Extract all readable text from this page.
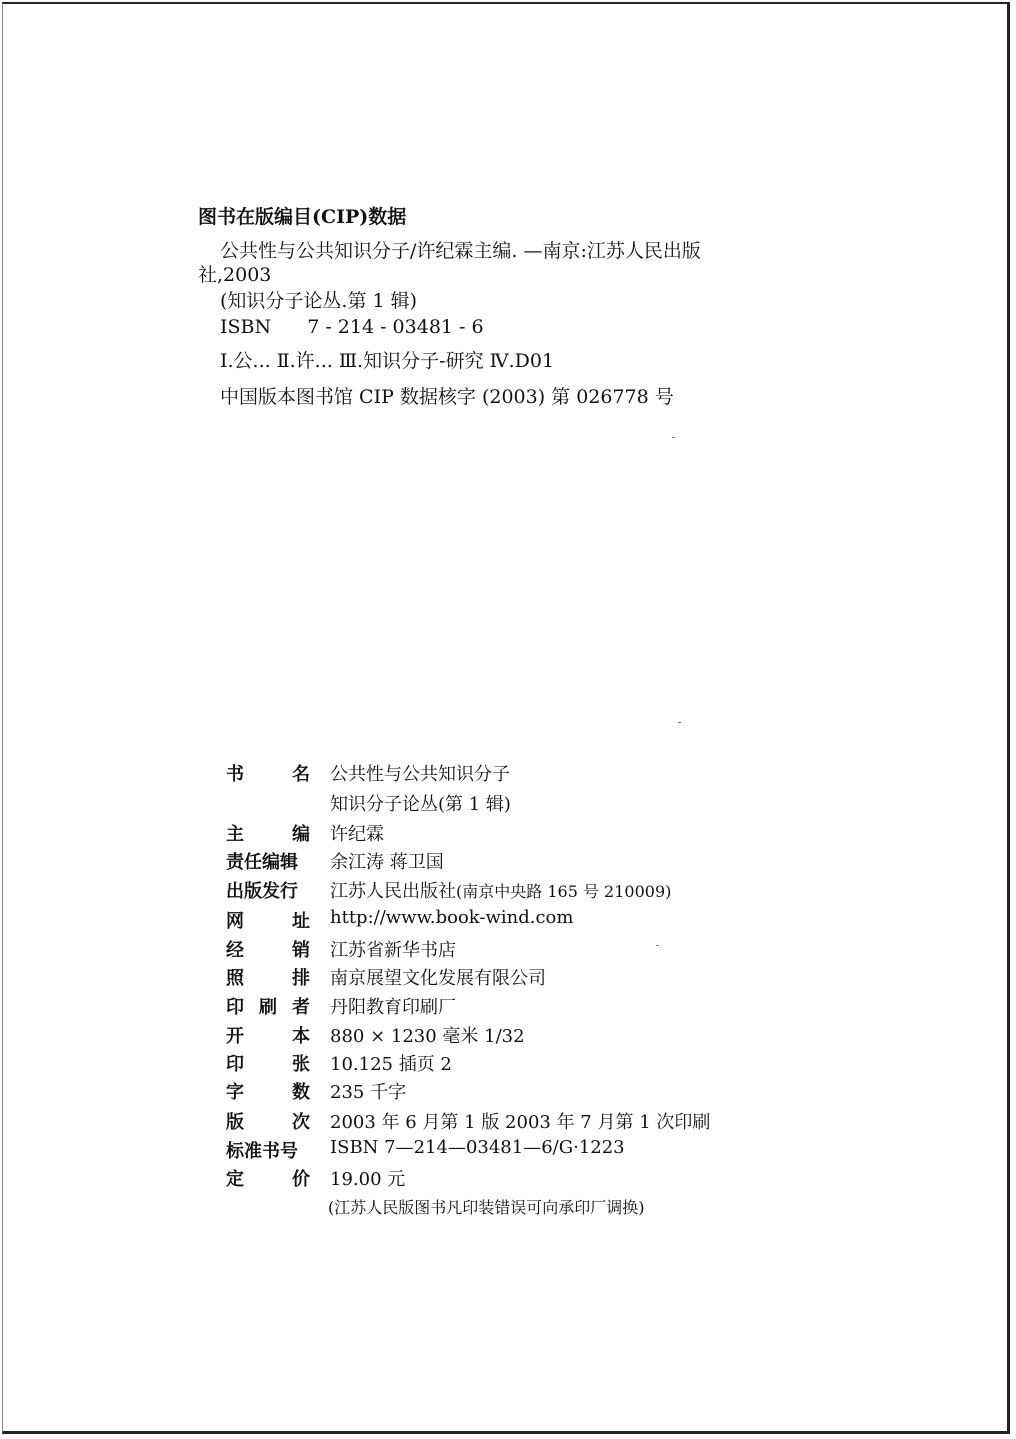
图书在版编目(CIP)数据
公共性与公共知识分子/许纪霖主编. —南京:江苏人民出版
社,2003
(知识分子论丛.第 1 辑)
ISBN 7 - 214 - 03481 - 6
Ⅰ.公... Ⅱ.许... Ⅲ.知识分子-研究 Ⅳ.D01
中国版本图书馆 CIP 数据核字 (2003) 第 026778 号
书	名 公共性与公共知识分子
知识分子论丛(第 1 辑)
主	编 许纪霖
责任编辑 余江涛 蒋卫国
出版发行 江苏人民出版社(南京中央路 165 号 210009)
网	址 http://www.book-wind.com
经	销 江苏省新华书店
照	排 南京展望文化发展有限公司
印 刷 者 丹阳教育印刷厂
开	本 880 × 1230 毫米 1/32
印	张 10.125 插页 2
字	数 235 千字
版	次 2003 年 6 月第 1 版 2003 年 7 月第 1 次印刷
标准书号 ISBN 7—214—03481—6/G·1223
定	价 19.00 元
(江苏人民版图书凡印装错误可向承印厂调换)
